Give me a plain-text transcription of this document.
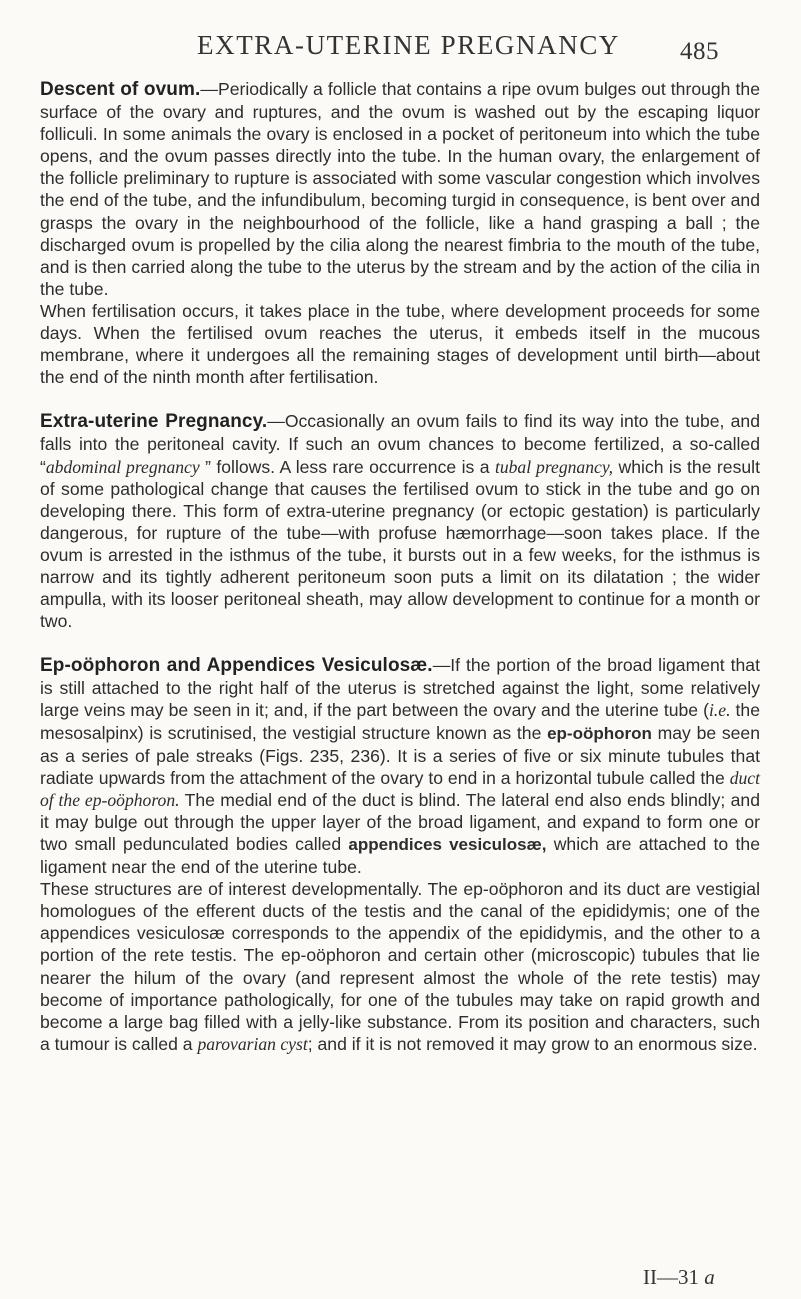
EXTRA-UTERINE PREGNANCY 485

Descent of ovum.—Periodically a follicle that contains a ripe ovum bulges out through the surface of the ovary and ruptures, and the ovum is washed out by the escaping liquor folliculi. In some animals the ovary is enclosed in a pocket of peritoneum into which the tube opens, and the ovum passes directly into the tube. In the human ovary, the enlargement of the follicle preliminary to rupture is associated with some vascular congestion which involves the end of the tube, and the infundibulum, becoming turgid in consequence, is bent over and grasps the ovary in the neighbourhood of the follicle, like a hand grasping a ball ; the discharged ovum is propelled by the cilia along the nearest fimbria to the mouth of the tube, and is then carried along the tube to the uterus by the stream and by the action of the cilia in the tube.

When fertilisation occurs, it takes place in the tube, where development proceeds for some days. When the fertilised ovum reaches the uterus, it embeds itself in the mucous membrane, where it undergoes all the remaining stages of development until birth—about the end of the ninth month after fertilisation.

Extra-uterine Pregnancy.—Occasionally an ovum fails to find its way into the tube, and falls into the peritoneal cavity. If such an ovum chances to become fertilized, a so-called “abdominal pregnancy ” follows. A less rare occurrence is a tubal pregnancy, which is the result of some pathological change that causes the fertilised ovum to stick in the tube and go on developing there. This form of extra-uterine pregnancy (or ectopic gestation) is particularly dangerous, for rupture of the tube—with profuse hæmorrhage—soon takes place. If the ovum is arrested in the isthmus of the tube, it bursts out in a few weeks, for the isthmus is narrow and its tightly adherent peritoneum soon puts a limit on its dilatation ; the wider ampulla, with its looser peritoneal sheath, may allow development to continue for a month or two.

Ep-oöphoron and Appendices Vesiculosæ.—If the portion of the broad ligament that is still attached to the right half of the uterus is stretched against the light, some relatively large veins may be seen in it; and, if the part between the ovary and the uterine tube (i.e. the mesosalpinx) is scrutinised, the vestigial structure known as the ep-oöphoron may be seen as a series of pale streaks (Figs. 235, 236). It is a series of five or six minute tubules that radiate upwards from the attachment of the ovary to end in a horizontal tubule called the duct of the ep-oöphoron. The medial end of the duct is blind. The lateral end also ends blindly; and it may bulge out through the upper layer of the broad ligament, and expand to form one or two small pedunculated bodies called appendices vesiculosæ, which are attached to the ligament near the end of the uterine tube.

These structures are of interest developmentally. The ep-oöphoron and its duct are vestigial homologues of the efferent ducts of the testis and the canal of the epididymis; one of the appendices vesiculosæ corresponds to the appendix of the epididymis, and the other to a portion of the rete testis. The ep-oöphoron and certain other (microscopic) tubules that lie nearer the hilum of the ovary (and represent almost the whole of the rete testis) may become of importance pathologically, for one of the tubules may take on rapid growth and become a large bag filled with a jelly-like substance. From its position and characters, such a tumour is called a parovarian cyst; and if it is not removed it may grow to an enormous size.

II—31 a
